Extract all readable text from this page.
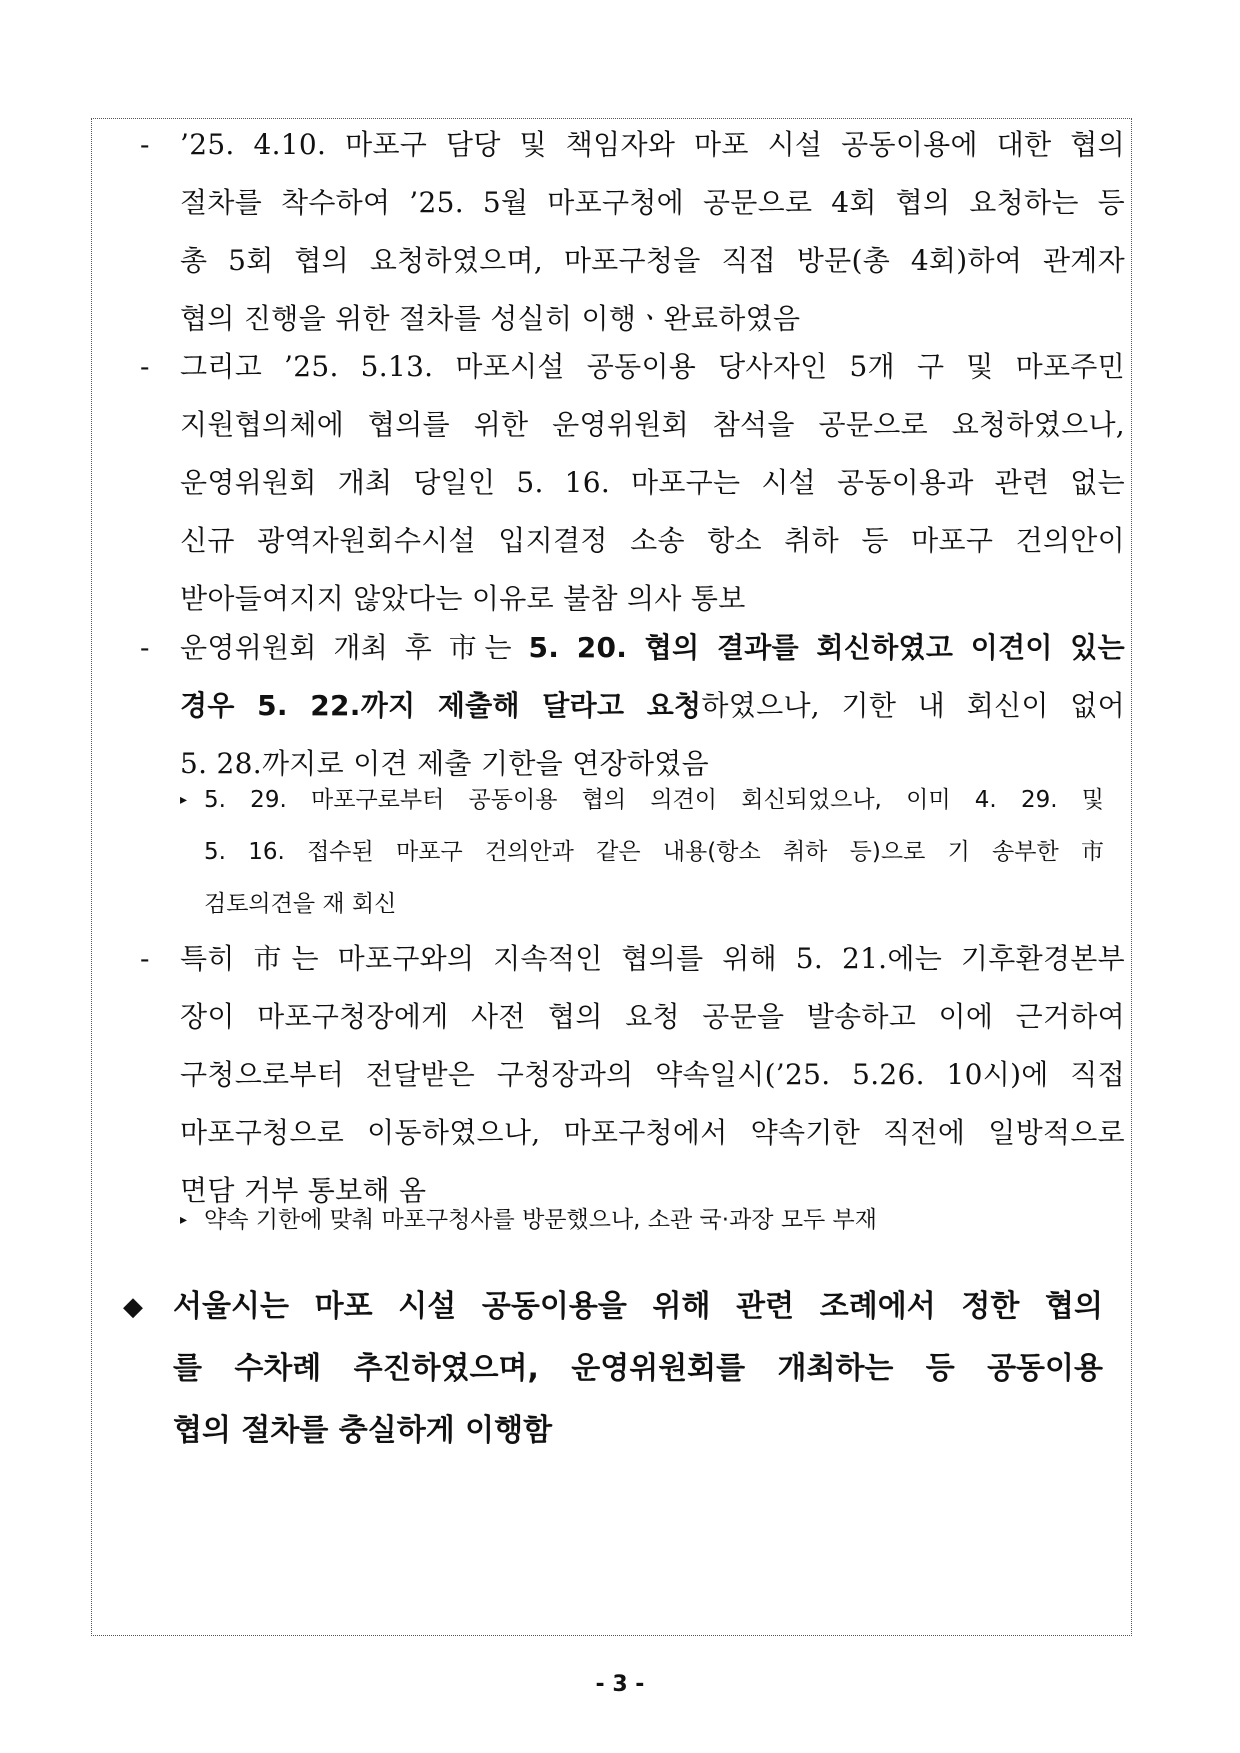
- ’25. 4.10. 마포구 담당 및 책임자와 마포 시설 공동이용에 대한 협의
절차를 착수하여 ’25. 5월 마포구청에 공문으로 4회 협의 요청하는 등
총 5회 협의 요청하였으며, 마포구청을 직접 방문(총 4회)하여 관계자
협의 진행을 위한 절차를 성실히 이행ㆍ완료하였음
- 그리고 ’25. 5.13. 마포시설 공동이용 당사자인 5개 구 및 마포주민
지원협의체에 협의를 위한 운영위원회 참석을 공문으로 요청하였으나,
운영위원회 개최 당일인 5. 16. 마포구는 시설 공동이용과 관련 없는
신규 광역자원회수시설 입지결정 소송 항소 취하 등 마포구 건의안이
받아들여지지 않았다는 이유로 불참 의사 통보
- 운영위원회 개최 후 市는 5. 20. 협의 결과를 회신하였고 이견이 있는
경우 5. 22.까지 제출해 달라고 요청하였으나, 기한 내 회신이 없어
5. 28.까지로 이견 제출 기한을 연장하였음
▸ 5. 29. 마포구로부터 공동이용 협의 의견이 회신되었으나, 이미 4. 29. 및
5. 16. 접수된 마포구 건의안과 같은 내용(항소 취하 등)으로 기 송부한 市
검토의견을 재 회신
- 특히 市는 마포구와의 지속적인 협의를 위해 5. 21.에는 기후환경본부
장이 마포구청장에게 사전 협의 요청 공문을 발송하고 이에 근거하여
구청으로부터 전달받은 구청장과의 약속일시(’25. 5.26. 10시)에 직접
마포구청으로 이동하였으나, 마포구청에서 약속기한 직전에 일방적으로
면담 거부 통보해 옴
▸ 약속 기한에 맞춰 마포구청사를 방문했으나, 소관 국·과장 모두 부재
◆ 서울시는 마포 시설 공동이용을 위해 관련 조례에서 정한 협의
를 수차례 추진하였으며, 운영위원회를 개최하는 등 공동이용
협의 절차를 충실하게 이행함
- 3 -
